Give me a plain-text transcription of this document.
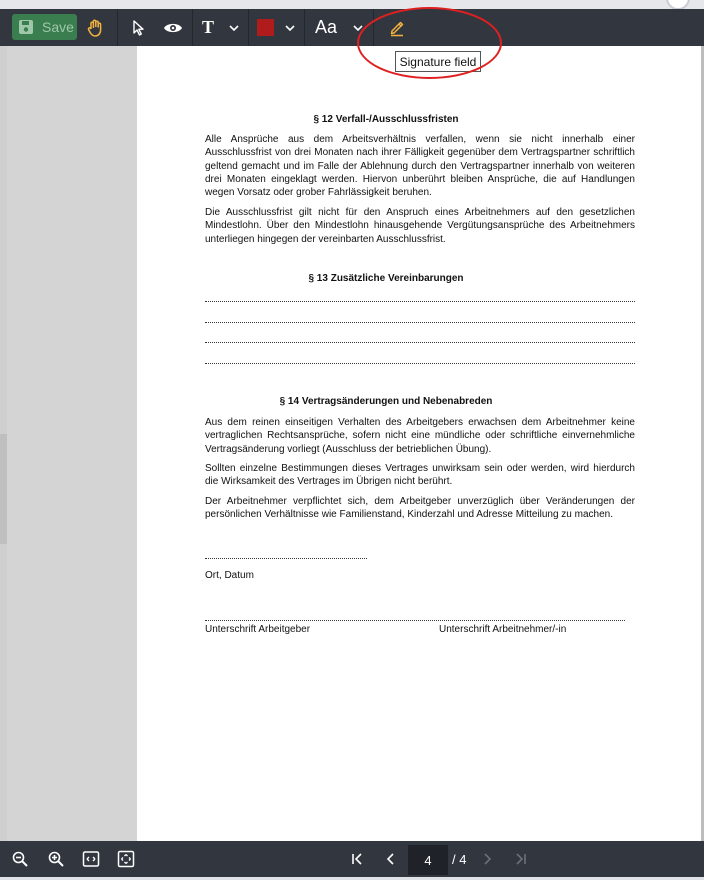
Save	T	Aa
§ 12 Verfall-/Ausschlussfristen

Alle Ansprüche aus dem Arbeitsverhältnis verfallen, wenn sie nicht innerhalb einer Ausschlussfrist von drei Monaten nach ihrer Fälligkeit gegenüber dem Vertragspartner schriftlich geltend gemacht und im Falle der Ablehnung durch den Vertragspartner innerhalb von weiteren drei Monaten eingeklagt werden. Hiervon unberührt bleiben Ansprüche, die auf Handlungen wegen Vorsatz oder grober Fahrlässigkeit beruhen.

Die Ausschlussfrist gilt nicht für den Anspruch eines Arbeitnehmers auf den gesetzlichen Mindestlohn. Über den Mindestlohn hinausgehende Vergütungsansprüche des Arbeitnehmers unterliegen hingegen der vereinbarten Ausschlussfrist.

§ 13 Zusätzliche Vereinbarungen
§ 14 Vertragsänderungen und Nebenabreden

Aus dem reinen einseitigen Verhalten des Arbeitgebers erwachsen dem Arbeitnehmer keine vertraglichen Rechtsansprüche, sofern nicht eine mündliche oder schriftliche einvernehmliche Vertragsänderung vorliegt (Ausschluss der betrieblichen Übung).

Sollten einzelne Bestimmungen dieses Vertrages unwirksam sein oder werden, wird hierdurch die Wirksamkeit des Vertrages im Übrigen nicht berührt.

Der Arbeitnehmer verpflichtet sich, dem Arbeitgeber unverzüglich über Veränderungen der persönlichen Verhältnisse wie Familienstand, Kinderzahl und Adresse Mitteilung zu machen.

Ort, Datum
Unterschrift Arbeitgeber	Unterschrift Arbeitnehmer/-in
Signature field
4	/ 4
